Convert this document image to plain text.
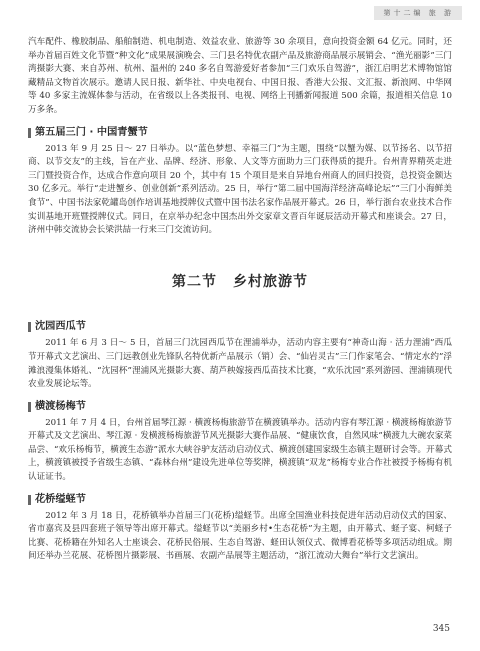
第十二编 旅 游

汽车配件、橡胶制品、船舶制造、机电制造、效益农业、旅游等 30 余项目，意向投资金额 64 亿元。同时，还举办首届百姓文化节暨“种文化”成果展演晚会、三门县名特优农副产品及旅游商品展示展销会、“渔光丽影”三门湾摄影大赛、来自苏州、杭州、温州的 240 多名自驾游爱好者参加“三门欢乐自驾游”，浙江启明艺术博物馆馆藏精品文物首次展示。邀请人民日报、新华社、中央电视台、中国日报、香港大公报、文汇报、新浪网、中华网等 40 多家主流媒体参与活动，在省级以上各类报刊、电视、网络上刊播新闻报道 500 余篇，报道相关信息 10 万多条。

第五届三门 · 中国青蟹节

2013 年 9 月 25 日～ 27 日举办。以“蓝色梦想、幸福三门”为主题，围绕“以蟹为媒、以节扬名、以节招商、以节交友”的主线，旨在产业、品牌、经济、形象、人文等方面助力三门获得质的提升。台州青界精英走进三门暨投资合作，达成合作意向项目 20 个，其中有 15 个项目是来自异地台州商人的回归投资，总投资金额达 30 亿多元。举行“走进蟹乡、创业创新”系列活动。25 日，举行“第二届中国海洋经济高峰论坛”“三门小海鲜美食节”、中国书法家乾罐岛创作培训基地授牌仪式暨中国书法名家作品展开幕式。26 日，举行浙台农业技术合作实训基地开班暨授牌仪式。同日，在京举办纪念中国杰出外交家章文晋百年诞辰活动开幕式和座谈会。27 日，济州中韩交流协会长梁洪喆一行来三门交流访问。

第二节 乡村旅游节
沈园西瓜节

2011 年 6 月 3 日～ 5 日，首届三门沈园西瓜节在浬浦举办，活动内容主要有“神奇山海 · 活力浬浦”西瓜节开幕式文艺演出、三门远教创业先锋队名特优新产品展示（销）会、“仙岩灵古”三门作家笔会、“情定水约”浮滩浪漫集体婚礼、“沈园杯”浬浦风光摄影大赛、葫芦秧嫁接西瓜苗技术比赛，“欢乐沈园”系列游园、浬浦镇现代农业发展论坛等。

横渡杨梅节

2011 年 7 月 4 日，台州首届琴江源 · 横渡杨梅旅游节在横渡镇举办。活动内容有琴江源 · 横渡杨梅旅游节开幕式及文艺演出、琴江源 · 发横渡杨梅旅游节风光摄影大赛作品展、“健康饮食，自然风味”横渡九大碗农家菜品尝、“欢乐杨梅节，横渡生态游”派水大峡谷驴友活动启动仪式、横渡创建国家级生态镇主题研讨会等。开幕式上，横渡镇被授予省级生态镇、“森林台州”建设先进单位等奖牌，横渡镇“双龙”杨梅专业合作社被授予杨梅有机认证证书。

花桥缢蛏节

2012 年 3 月 18 日，花桥镇举办首届三门(花桥)缢蛏节。出席全国渔业科技促进年活动启动仪式的国家、省市嘉宾及县四套班子领导等出席开幕式。缢蛏节以“美丽乡村•生态花桥”为主题，由开幕式、蛏子宴、柯蛏子比赛、花桥籍在外知名人士座谈会、花桥民俗展、生态自驾游、蛏田认领仪式、微博看花桥等多项活动组成。期间还举办兰花展、花桥图片摄影展、书画展、农副产品展等主题活动，“浙江流动大舞台”举行文艺演出。

345
